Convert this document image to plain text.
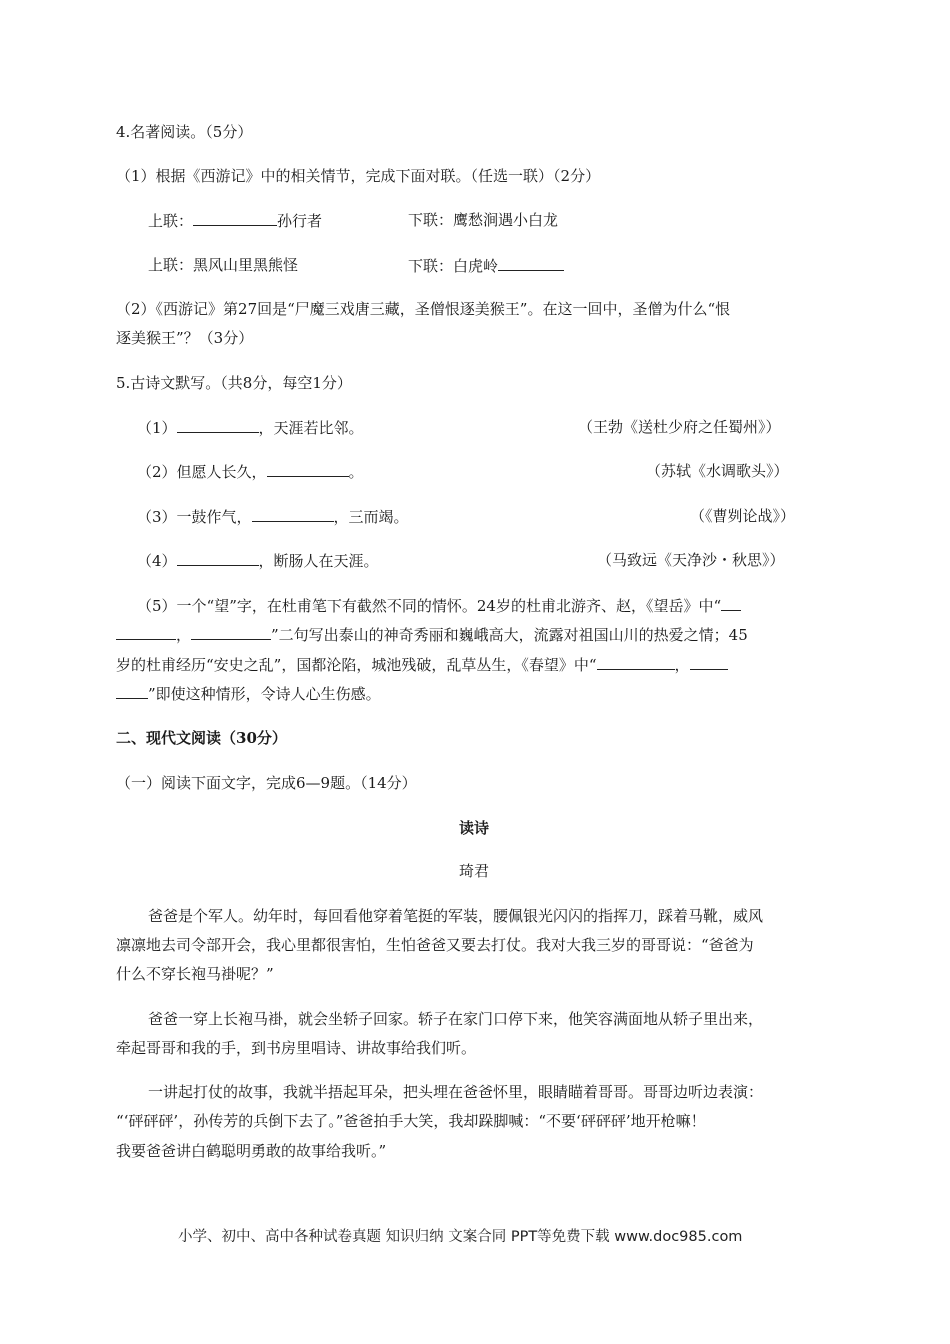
4.名著阅读。（5分）
（1）根据《西游记》中的相关情节，完成下面对联。（任选一联）（2分）
上联：	孙行者	下联：鹰愁涧遇小白龙
上联：黑风山里黑熊怪	下联：白虎岭
（2）《西游记》第27回是“尸魔三戏唐三藏，圣僧恨逐美猴王”。在这一回中，圣僧为什么“恨
逐美猴王”？（3分）
5.古诗文默写。（共8分，每空1分）
（1）	，天涯若比邻。	（王勃《送杜少府之任蜀州》）
（2）但愿人长久，	。	（苏轼《水调歌头》）
（3）一鼓作气，	，三而竭。	（《曹刿论战》）
（4）	，断肠人在天涯。	（马致远《天净沙・秋思》）
（5）一个“望”字，在杜甫笔下有截然不同的情怀。24岁的杜甫北游齐、赵，《望岳》中“
，	”二句写出泰山的神奇秀丽和巍峨高大，流露对祖国山川的热爱之情；45
岁的杜甫经历“安史之乱”，国都沦陷，城池残破，乱草丛生，《春望》中“	，
”即使这种情形，令诗人心生伤感。
二、现代文阅读（30分）
（一）阅读下面文字，完成6—9题。（14分）
读诗
琦君
爸爸是个军人。幼年时，每回看他穿着笔挺的军装，腰佩银光闪闪的指挥刀，踩着马靴，威风
凛凛地去司令部开会，我心里都很害怕，生怕爸爸又要去打仗。我对大我三岁的哥哥说：“爸爸为
什么不穿长袍马褂呢？”
爸爸一穿上长袍马褂，就会坐轿子回家。轿子在家门口停下来，他笑容满面地从轿子里出来，
牵起哥哥和我的手，到书房里唱诗、讲故事给我们听。
一讲起打仗的故事，我就半捂起耳朵，把头埋在爸爸怀里，眼睛瞄着哥哥。哥哥边听边表演：
“‘砰砰砰’，孙传芳的兵倒下去了。”爸爸拍手大笑，我却跺脚喊：“不要‘砰砰砰’地开枪嘛！
我要爸爸讲白鹤聪明勇敢的故事给我听。”
小学、初中、高中各种试卷真题 知识归纳 文案合同 PPT等免费下载 www.doc985.com
